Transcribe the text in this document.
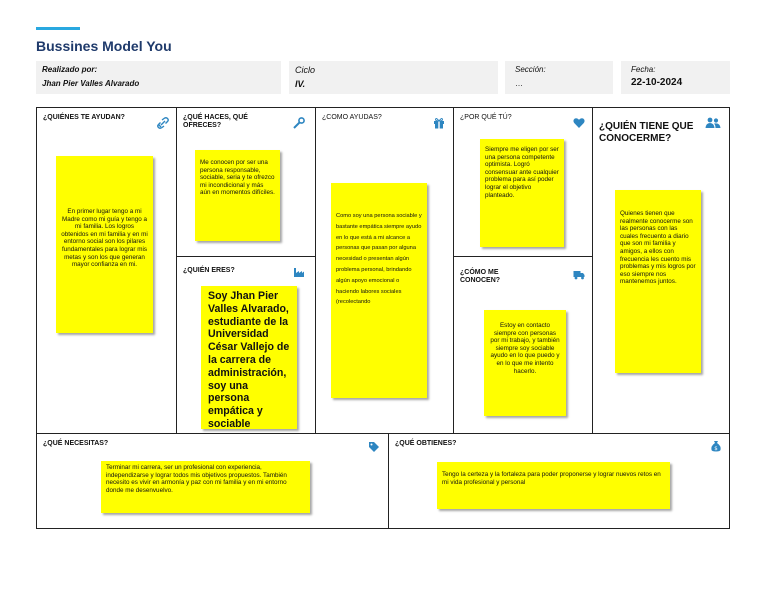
Bussines Model You
Realizado por:
Jhan Pier Valles Alvarado
Ciclo
IV.
Sección:
…
Fecha:
22-10-2024
¿QUIÉNES TE AYUDAN?
En primer lugar tengo a mi Madre como mi guía y tengo a mi familia. Los logros obtenidos en mi familia y en mi entorno social son los pilares fundamentales para lograr mis metas y son los que generan mayor confianza en mi.
¿QUÉ HACES, QUÉ OFRECES?
Me conocen por ser una persona responsable, sociable, seria y te ofrezco mi incondicional y más aún en momentos difíciles.
¿QUIÉN ERES?
Soy Jhan Pier Valles Alvarado, estudiante de la Universidad César Vallejo de la carrera de administración, soy una persona empática y sociable
¿COMO AYUDAS?
Como soy una persona sociable y bastante empática siempre ayudo en lo que está a mi alcance a personas que pasan por alguna necesidad o presentan algún problema personal, brindando algún apoyo emocional o haciendo labores sociales (recolectando
¿POR QUÉ TÚ?
Siempre me eligen por ser una persona competente optimista. Logró consensuar ante cualquier problema para así poder lograr el objetivo planteado.
¿CÓMO ME CONOCEN?
Estoy en contacto siempre con personas por mi trabajo, y también siempre soy sociable ayudo en lo que puedo y en lo que me intento hacerlo.
¿QUIÉN TIENE QUE CONOCERME?
Quienes tienen que realmente conocerme son las personas con las cuales frecuento a diario que son mi familia y amigos, a ellos con frecuencia les cuento mis problemas y mis logros por eso siempre nos mantenemos juntos.
¿QUÉ NECESITAS?
Terminar mi carrera, ser un profesional con experiencia, independizarse y lograr todos mis objetivos propuestos. También necesito es vivir en armonía y paz con mi familia y en mi entorno donde me desenvuelvo.
¿QUÉ OBTIENES?
$
Tengo la certeza y la fortaleza para poder proponerse y lograr nuevos retos en mi vida profesional y personal
